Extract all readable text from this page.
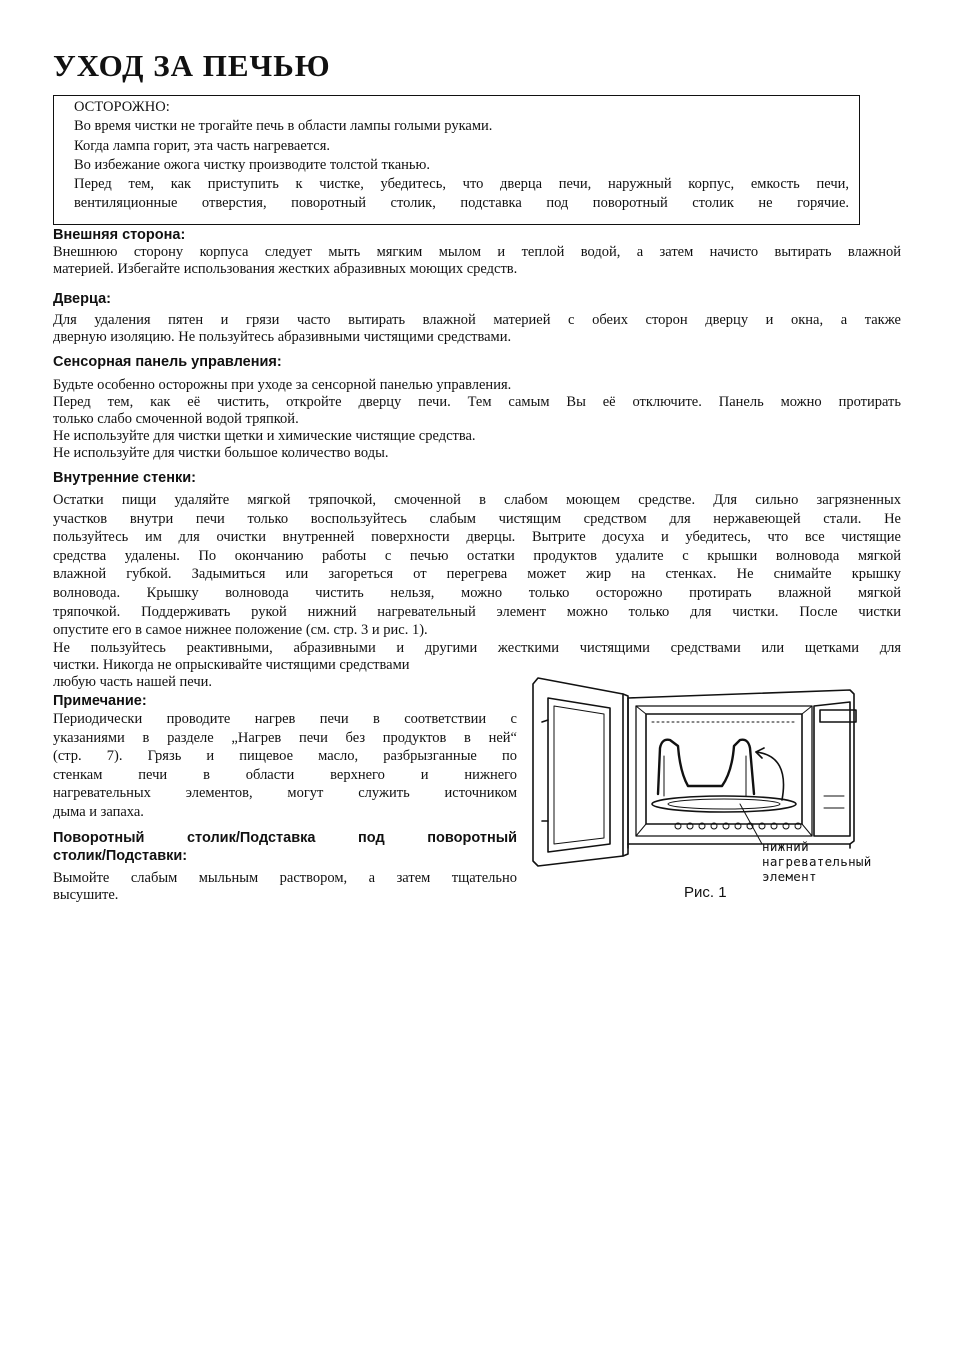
УХОД ЗА ПЕЧЬЮ
ОСТОРОЖНО:
Во время чистки не трогайте печь в области лампы голыми руками.
Когда лампа горит, эта часть нагревается.
Во избежание ожога чистку производите толстой тканью.
Перед тем, как приступить к чистке, убедитесь, что дверца печи, наружный корпус, емкость печи,
вентиляционные отверстия, поворотный столик, подставка под поворотный столик не горячие.
Внешняя сторона:
Внешнюю сторону корпуса следует мыть мягким мылом и теплой водой, а затем начисто вытирать влажной
материей. Избегайте использования жестких абразивных моющих средств.
Дверца:
Для удаления пятен и грязи часто вытирать влажной материей с обеих сторон дверцу и окна, а также
дверную изоляцию. Не пользуйтесь абразивными чистящими средствами.
Сенсорная панель управления:
Будьте особенно осторожны при уходе за сенсорной панелью управления.
Перед тем, как её чистить, откройте дверцу печи. Тем самым Вы её отключите. Панель можно протирать
только слабо смоченной водой тряпкой.
Не используйте для чистки щетки и химические чистящие средства.
Не используйте для чистки большое количество воды.
Внутренние стенки:
Остатки пищи удаляйте мягкой тряпочкой, смоченной в слабом моющем средстве. Для сильно загрязненных
участков внутри печи только воспользуйтесь слабым чистящим средством для нержавеющей стали. Не
пользуйтесь им для очистки внутренней поверхности дверцы. Вытрите досуха и убедитесь, что все чистящие
средства удалены. По окончанию работы с печью остатки продуктов удалите с крышки волновода мягкой
влажной губкой. Задымиться или загореться от перегрева может жир на стенках. Не снимайте крышку
волновода. Крышку волновода чистить нельзя, можно только осторожно протирать влажной мягкой
тряпочкой. Поддерживать рукой нижний нагревательный элемент можно только для чистки. После чистки
опустите его в самое нижнее положение (см. стр. 3 и рис. 1).
Не пользуйтесь реактивными, абразивными и другими жесткими чистящими средствами или щетками для
чистки. Никогда не опрыскивайте чистящими средствами
любую часть нашей печи.
Примечание:
Периодически проводите нагрев печи в соответствии с
указаниями в разделе „Нагрев печи без продуктов в ней“
(стр. 7). Грязь и пищевое масло, разбрызганные по
стенкам печи в области верхнего и нижнего
нагревательных элементов, могут служить источником
дыма и запаха.
Поворотный столик/Подставка под поворотный
столик/Подставки:
Вымойте слабым мыльным раствором, а затем тщательно
высушите.
нижний
нагревательный
элемент
Рис. 1
